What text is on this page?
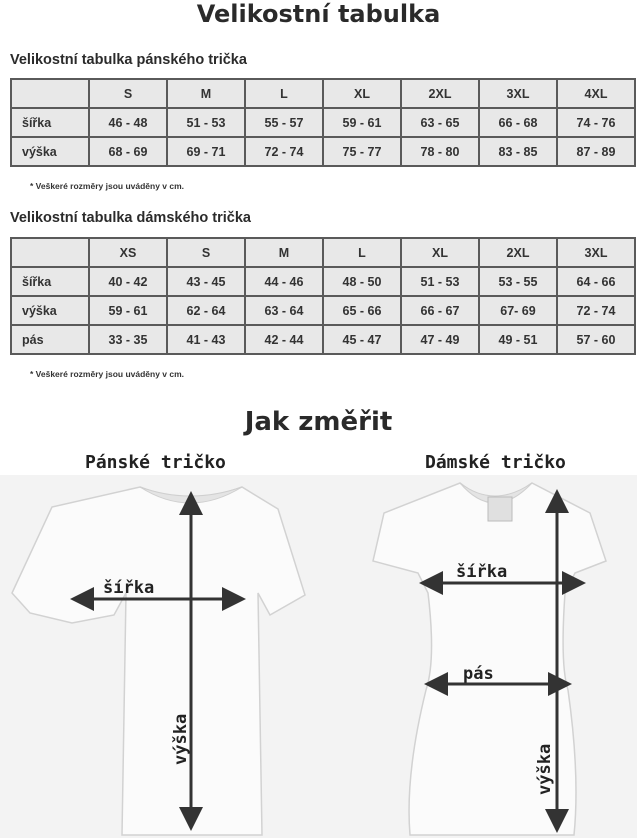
Velikostní tabulka
Velikostní tabulka pánského trička
	S	M	L	XL	2XL	3XL	4XL
šířka	46 - 48	51 - 53	55 - 57	59 - 61	63 - 65	66 - 68	74 - 76
výška	68 - 69	69 - 71	72 - 74	75 - 77	78 - 80	83 - 85	87 - 89
* Veškeré rozměry jsou uváděny v cm.
Velikostní tabulka dámského trička
	XS	S	M	L	XL	2XL	3XL
šířka	40 - 42	43 - 45	44 - 46	48 - 50	51 - 53	53 - 55	64 - 66
výška	59 - 61	62 - 64	63 - 64	65 - 66	66 - 67	67- 69	72 - 74
pás	33 - 35	41 - 43	42 - 44	45 - 47	47 - 49	49 - 51	57 - 60
* Veškeré rozměry jsou uváděny v cm.
Jak změřit
Pánské tričko	Dámské tričko
šířka
výška
šířka
pás
výška
